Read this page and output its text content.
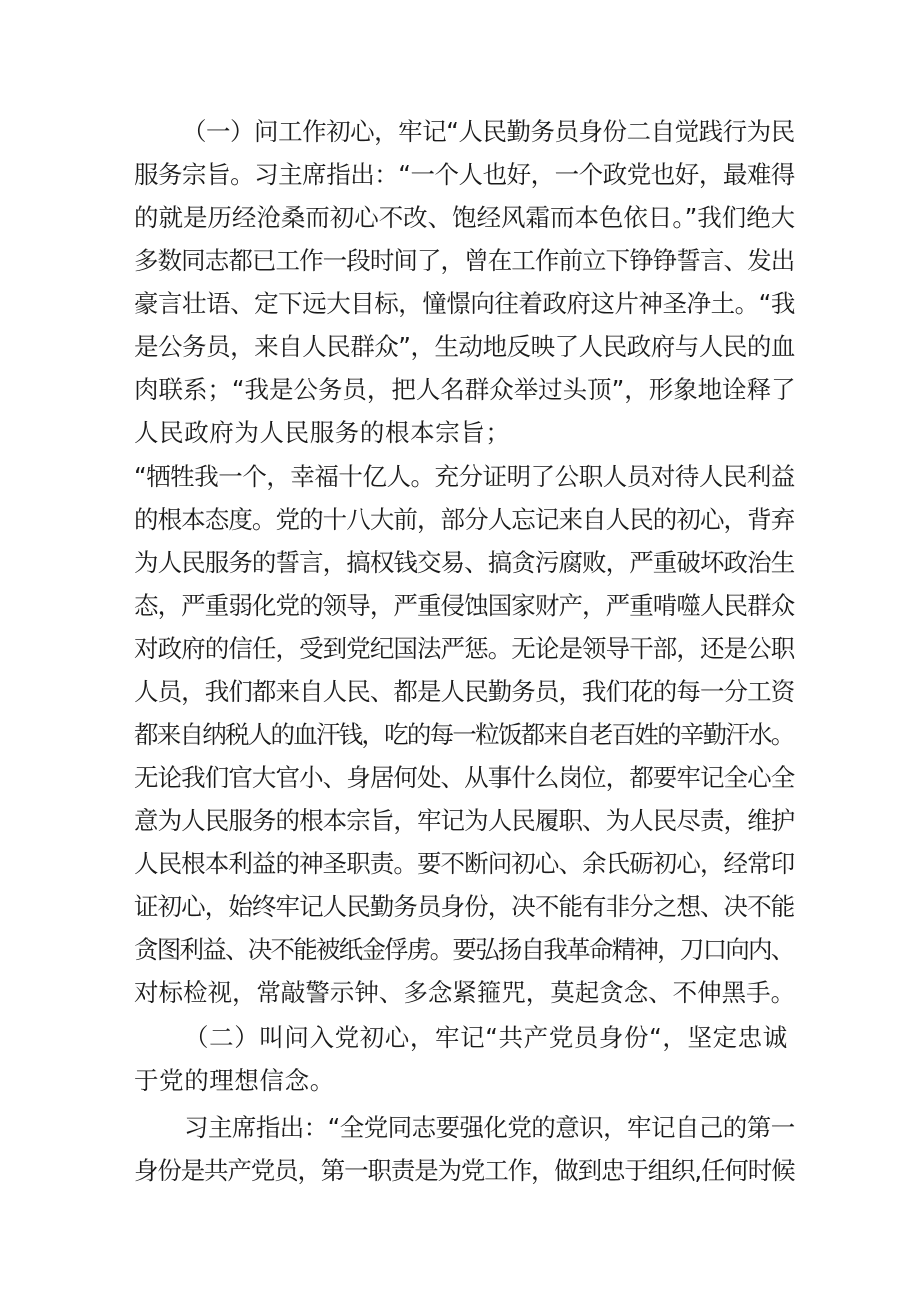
（一）问工作初心，牢记“人民勤务员身份二自觉践行为民
服务宗旨。习主席指出：“一个人也好，一个政党也好，最难得
的就是历经沧桑而初心不改、饱经风霜而本色依日。”我们绝大
多数同志都已工作一段时间了，曾在工作前立下铮铮誓言、发出
豪言壮语、定下远大目标，憧憬向往着政府这片神圣净土。“我
是公务员，来自人民群众”，生动地反映了人民政府与人民的血
肉联系；“我是公务员，把人名群众举过头顶”，形象地诠释了
人民政府为人民服务的根本宗旨；
“牺牲我一个，幸福十亿人。充分证明了公职人员对待人民利益
的根本态度。党的十八大前，部分人忘记来自人民的初心，背弃
为人民服务的誓言，搞权钱交易、搞贪污腐败，严重破坏政治生
态，严重弱化党的领导，严重侵蚀国家财产，严重啃噬人民群众
对政府的信任，受到党纪国法严惩。无论是领导干部，还是公职
人员，我们都来自人民、都是人民勤务员，我们花的每一分工资
都来自纳税人的血汗钱，吃的每一粒饭都来自老百姓的辛勤汗水。
无论我们官大官小、身居何处、从事什么岗位，都要牢记全心全
意为人民服务的根本宗旨，牢记为人民履职、为人民尽责，维护
人民根本利益的神圣职责。要不断问初心、余氏砺初心，经常印
证初心，始终牢记人民勤务员身份，决不能有非分之想、决不能
贪图利益、决不能被纸金俘虏。要弘扬自我革命精神，刀口向内、
对标检视，常敲警示钟、多念紧箍咒，莫起贪念、不伸黑手。
（二）叫问入党初心，牢记“共产党员身份“，坚定忠诚
于党的理想信念。
习主席指出：“全党同志要强化党的意识，牢记自己的第一
身份是共产党员，第一职责是为党工作，做到忠于组织,任何时候
